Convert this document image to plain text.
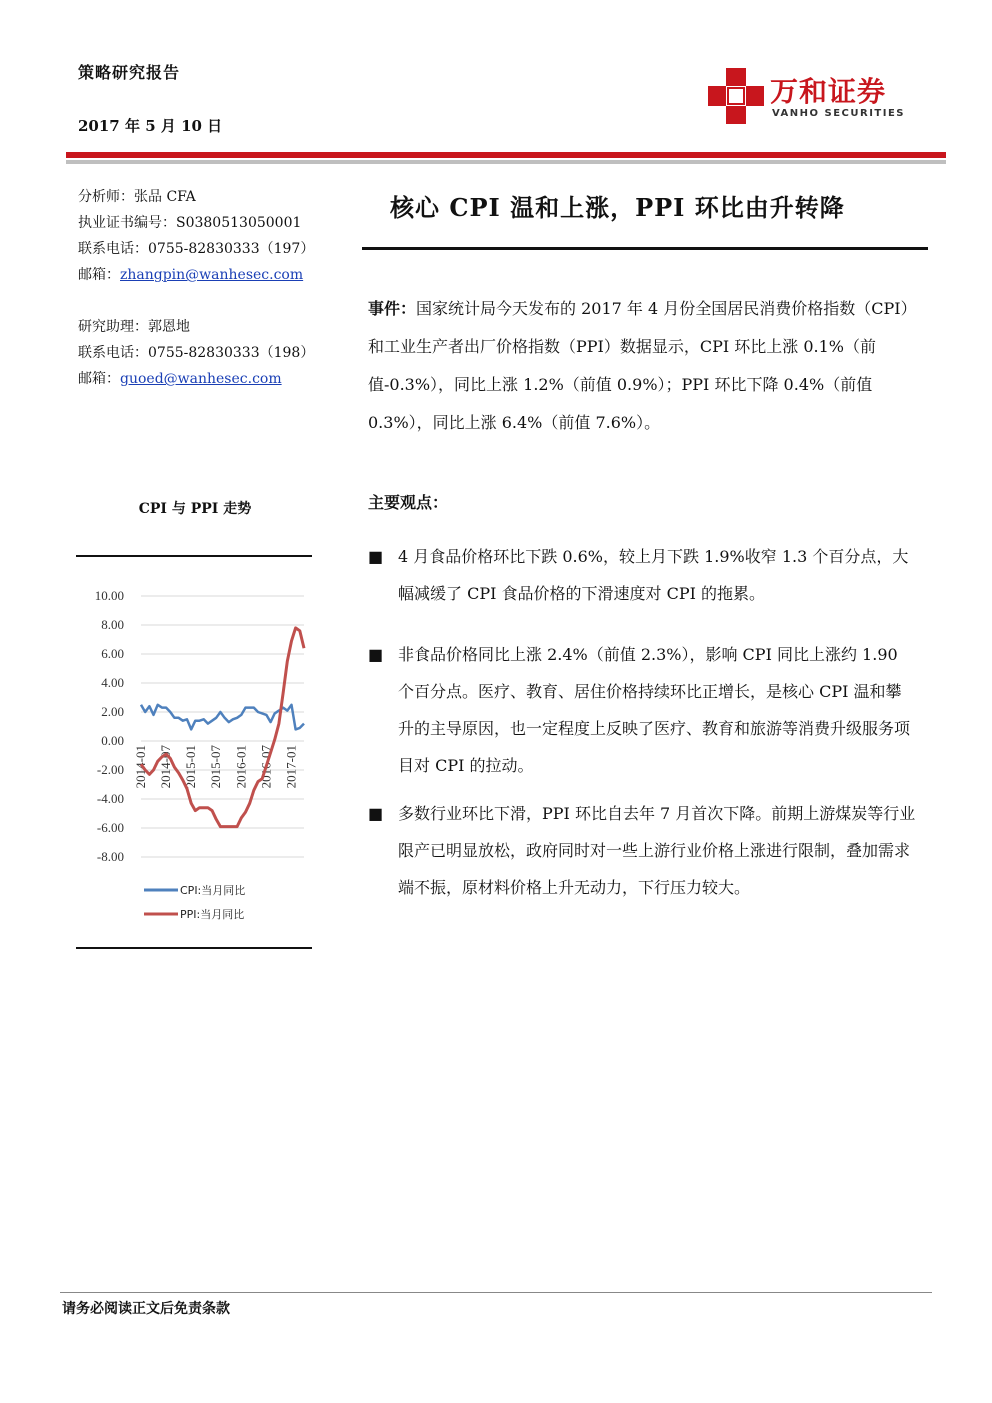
策略研究报告
2017 年 5 月 10 日
万和证券
VANHO SECURITIES
分析师：张品 CFA
执业证书编号：S0380513050001
联系电话：0755-82830333（197）
邮箱：zhangpin@wanhesec.com
研究助理：郭恩地
联系电话：0755-82830333（198）
邮箱：guoed@wanhesec.com
核心 CPI 温和上涨，PPI 环比由升转降
事件：国家统计局今天发布的 2017 年 4 月份全国居民消费价格指数（CPI）和工业生产者出厂价格指数（PPI）数据显示，CPI 环比上涨 0.1%（前值-0.3%），同比上涨 1.2%（前值 0.9%）；PPI 环比下降 0.4%（前值 0.3%），同比上涨 6.4%（前值 7.6%）。
主要观点：
■ 4 月食品价格环比下跌 0.6%，较上月下跌 1.9%收窄 1.3 个百分点，大幅减缓了 CPI 食品价格的下滑速度对 CPI 的拖累。
■ 非食品价格同比上涨 2.4%（前值 2.3%），影响 CPI 同比上涨约 1.90 个百分点。医疗、教育、居住价格持续环比正增长，是核心 CPI 温和攀升的主导原因，也一定程度上反映了医疗、教育和旅游等消费升级服务项目对 CPI 的拉动。
■ 多数行业环比下滑，PPI 环比自去年 7 月首次下降。前期上游煤炭等行业限产已明显放松，政府同时对一些上游行业价格上涨进行限制，叠加需求端不振，原材料价格上升无动力，下行压力较大。
CPI 与 PPI 走势
10.00
8.00
6.00
4.00
2.00
0.00
-2.00
-4.00
-6.00
-8.00
2014-01 2014-07 2015-01 2015-07 2016-01 2016-07 2017-01
CPI:当月同比
PPI:当月同比
请务必阅读正文后免责条款
